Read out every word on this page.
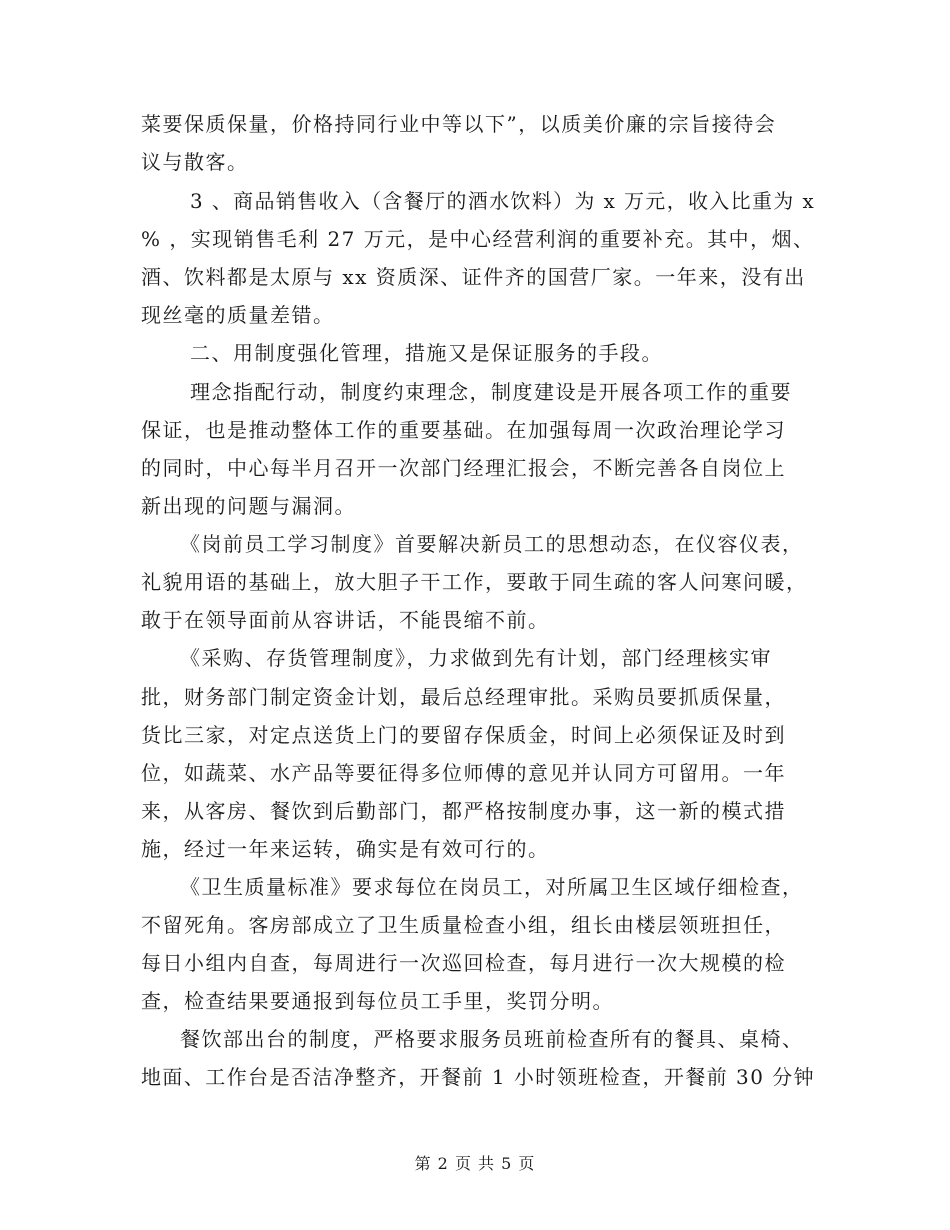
菜要保质保量，价格持同行业中等以下”，以质美价廉的宗旨接待会
议与散客。
3 、商品销售收入（含餐厅的酒水饮料）为 x 万元，收入比重为 x
% ，实现销售毛利 27 万元，是中心经营利润的重要补充。其中，烟、
酒、饮料都是太原与 xx 资质深、证件齐的国营厂家。一年来，没有出
现丝毫的质量差错。
二、用制度强化管理，措施又是保证服务的手段。
理念指配行动，制度约束理念，制度建设是开展各项工作的重要
保证，也是推动整体工作的重要基础。在加强每周一次政治理论学习
的同时，中心每半月召开一次部门经理汇报会，不断完善各自岗位上
新出现的问题与漏洞。
《岗前员工学习制度》首要解决新员工的思想动态，在仪容仪表，
礼貌用语的基础上，放大胆子干工作，要敢于同生疏的客人问寒问暖，
敢于在领导面前从容讲话，不能畏缩不前。
《采购、存货管理制度》，力求做到先有计划，部门经理核实审
批，财务部门制定资金计划，最后总经理审批。采购员要抓质保量，
货比三家，对定点送货上门的要留存保质金，时间上必须保证及时到
位，如蔬菜、水产品等要征得多位师傅的意见并认同方可留用。一年
来，从客房、餐饮到后勤部门，都严格按制度办事，这一新的模式措
施，经过一年来运转，确实是有效可行的。
《卫生质量标准》要求每位在岗员工，对所属卫生区域仔细检查，
不留死角。客房部成立了卫生质量检查小组，组长由楼层领班担任，
每日小组内自查，每周进行一次巡回检查，每月进行一次大规模的检
查，检查结果要通报到每位员工手里，奖罚分明。
餐饮部出台的制度，严格要求服务员班前检查所有的餐具、桌椅、
地面、工作台是否洁净整齐，开餐前 1 小时领班检查，开餐前 30 分钟
第 2 页 共 5 页
